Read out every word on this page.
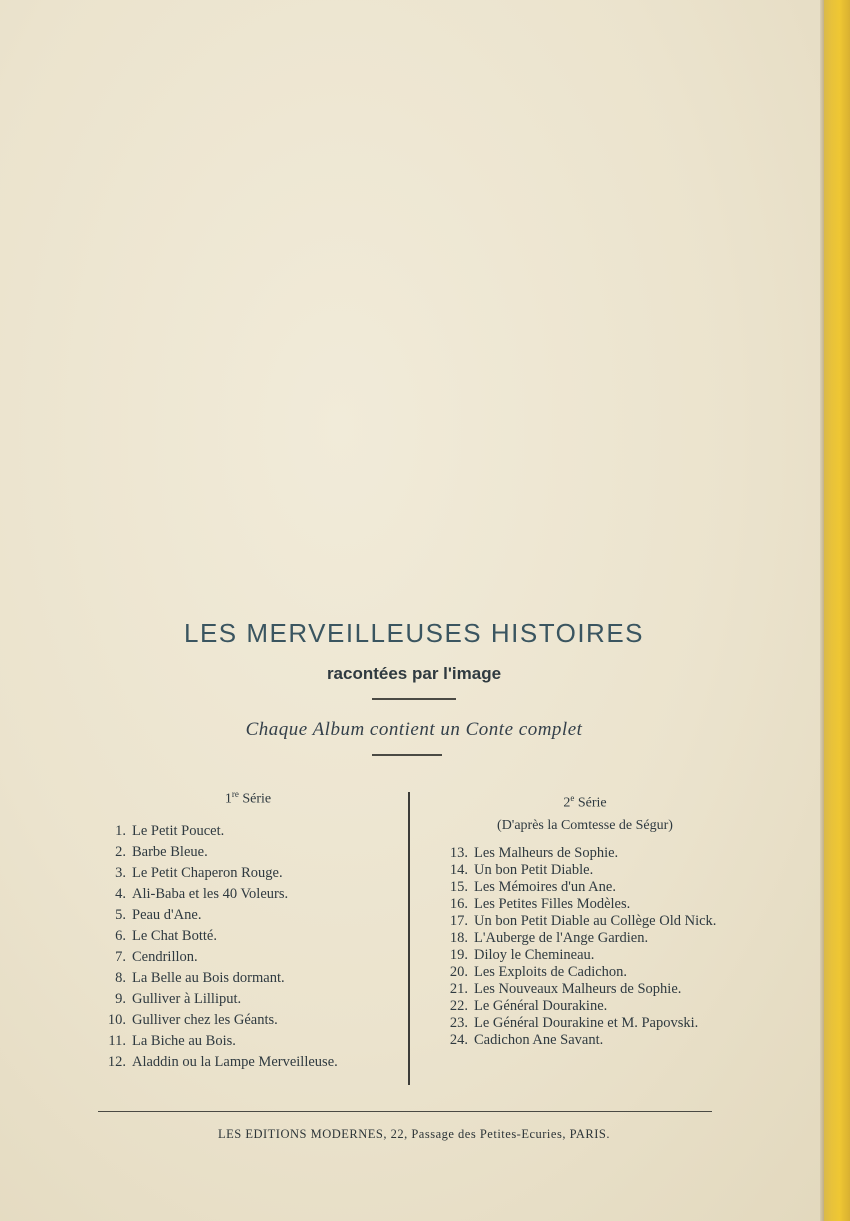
LES MERVEILLEUSES HISTOIRES
racontées par l'image
Chaque Album contient un Conte complet
1re Série
1. Le Petit Poucet.
2. Barbe Bleue.
3. Le Petit Chaperon Rouge.
4. Ali-Baba et les 40 Voleurs.
5. Peau d'Ane.
6. Le Chat Botté.
7. Cendrillon.
8. La Belle au Bois dormant.
9. Gulliver à Lilliput.
10. Gulliver chez les Géants.
11. La Biche au Bois.
12. Aladdin ou la Lampe Merveilleuse.
2e Série
(D'après la Comtesse de Ségur)
13. Les Malheurs de Sophie.
14. Un bon Petit Diable.
15. Les Mémoires d'un Ane.
16. Les Petites Filles Modèles.
17. Un bon Petit Diable au Collège Old Nick.
18. L'Auberge de l'Ange Gardien.
19. Diloy le Chemineau.
20. Les Exploits de Cadichon.
21. Les Nouveaux Malheurs de Sophie.
22. Le Général Dourakine.
23. Le Général Dourakine et M. Papovski.
24. Cadichon Ane Savant.
LES EDITIONS MODERNES, 22, Passage des Petites-Ecuries, PARIS.
